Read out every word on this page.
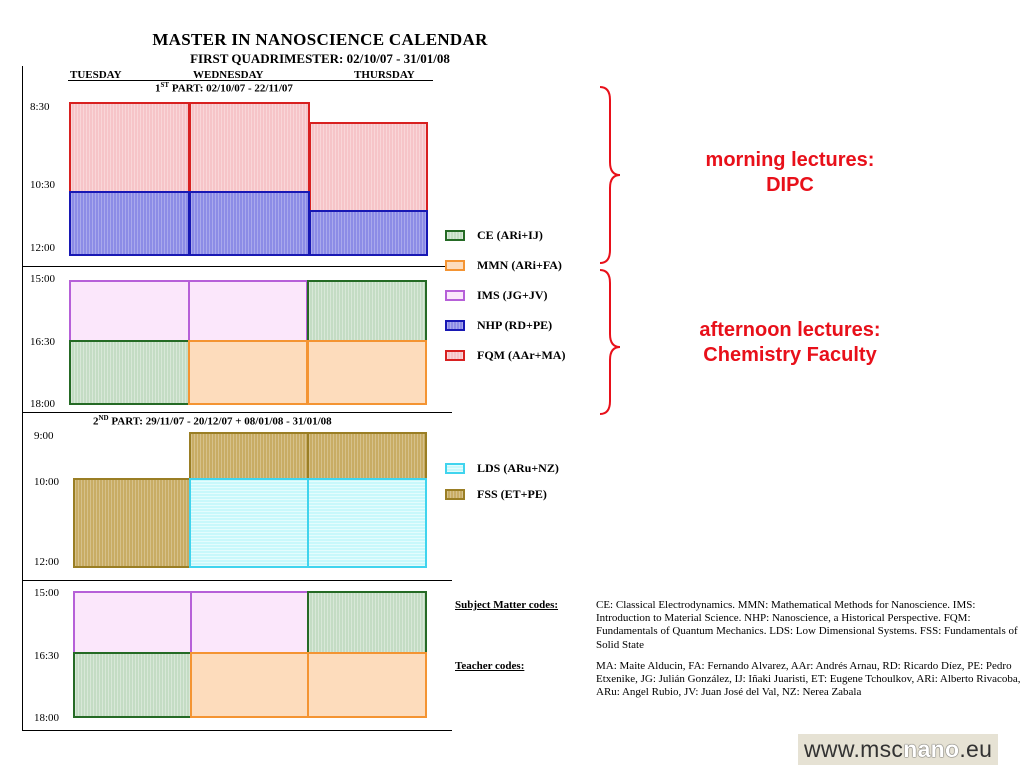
MASTER IN NANOSCIENCE CALENDAR
FIRST QUADRIMESTER: 02/10/07 - 31/01/08
TUESDAY	WEDNESDAY	THURSDAY
1ST PART: 02/10/07 - 22/11/07
8:30
10:30
12:00
15:00
16:30
18:00
CE (ARi+IJ)
MMN (ARi+FA)
IMS (JG+JV)
NHP (RD+PE)
FQM (AAr+MA)
2ND PART: 29/11/07 - 20/12/07 + 08/01/08 - 31/01/08
9:00
10:00
12:00
15:00
16:30
18:00
LDS (ARu+NZ)
FSS (ET+PE)
morning lectures:
DIPC
afternoon lectures:
Chemistry Faculty
Subject Matter codes:	CE: Classical Electrodynamics. MMN: Mathematical Methods for Nanoscience. IMS: Introduction to Material Science. NHP: Nanoscience, a Historical Perspective. FQM: Fundamentals of Quantum Mechanics. LDS: Low Dimensional Systems. FSS: Fundamentals of Solid State
Teacher codes:	MA: Maite Alducin, FA: Fernando Alvarez, AAr: Andrés Arnau, RD: Ricardo Díez, PE: Pedro Etxenike, JG: Julián González, IJ: Iñaki Juaristi, ET: Eugene Tchoulkov, ARi: Alberto Rivacoba, ARu: Angel Rubio, JV: Juan José del Val, NZ: Nerea Zabala
www.mscnano.eu
